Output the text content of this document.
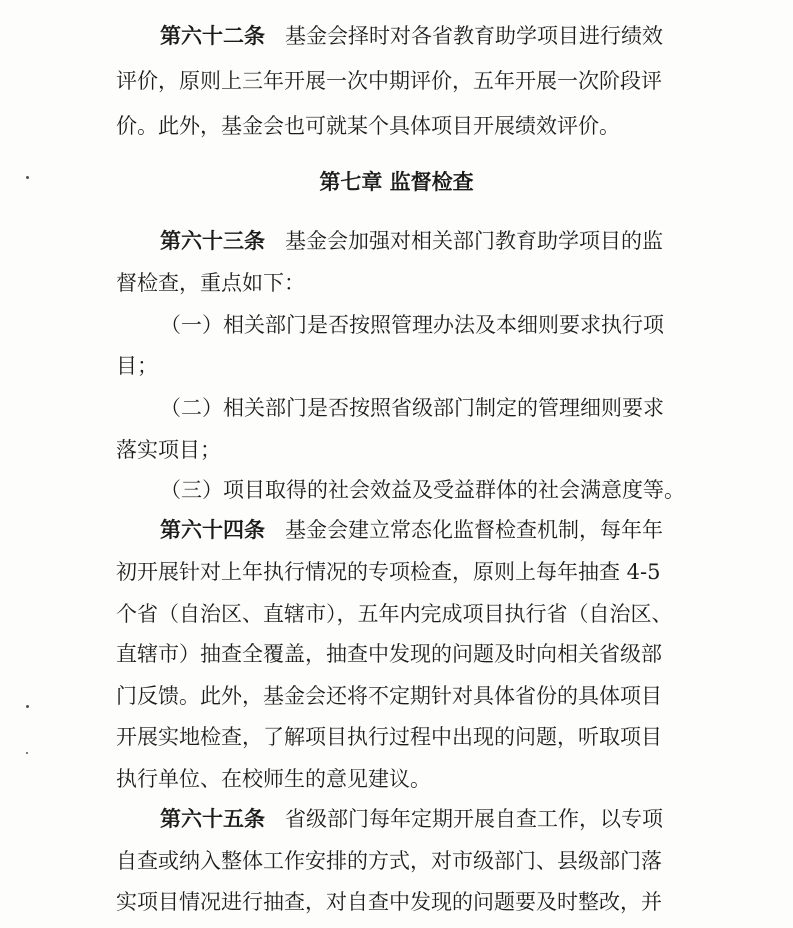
第六十二条 基金会择时对各省教育助学项目进行绩效
评价，原则上三年开展一次中期评价，五年开展一次阶段评
价。此外，基金会也可就某个具体项目开展绩效评价。
第七章 监督检查
第六十三条 基金会加强对相关部门教育助学项目的监
督检查，重点如下：
（一）相关部门是否按照管理办法及本细则要求执行项
目；
（二）相关部门是否按照省级部门制定的管理细则要求
落实项目；
（三）项目取得的社会效益及受益群体的社会满意度等。
第六十四条 基金会建立常态化监督检查机制，每年年
初开展针对上年执行情况的专项检查，原则上每年抽查 4-5
个省（自治区、直辖市），五年内完成项目执行省（自治区、
直辖市）抽查全覆盖，抽查中发现的问题及时向相关省级部
门反馈。此外，基金会还将不定期针对具体省份的具体项目
开展实地检查，了解项目执行过程中出现的问题，听取项目
执行单位、在校师生的意见建议。
第六十五条 省级部门每年定期开展自查工作，以专项
自查或纳入整体工作安排的方式，对市级部门、县级部门落
实项目情况进行抽查，对自查中发现的问题要及时整改，并
